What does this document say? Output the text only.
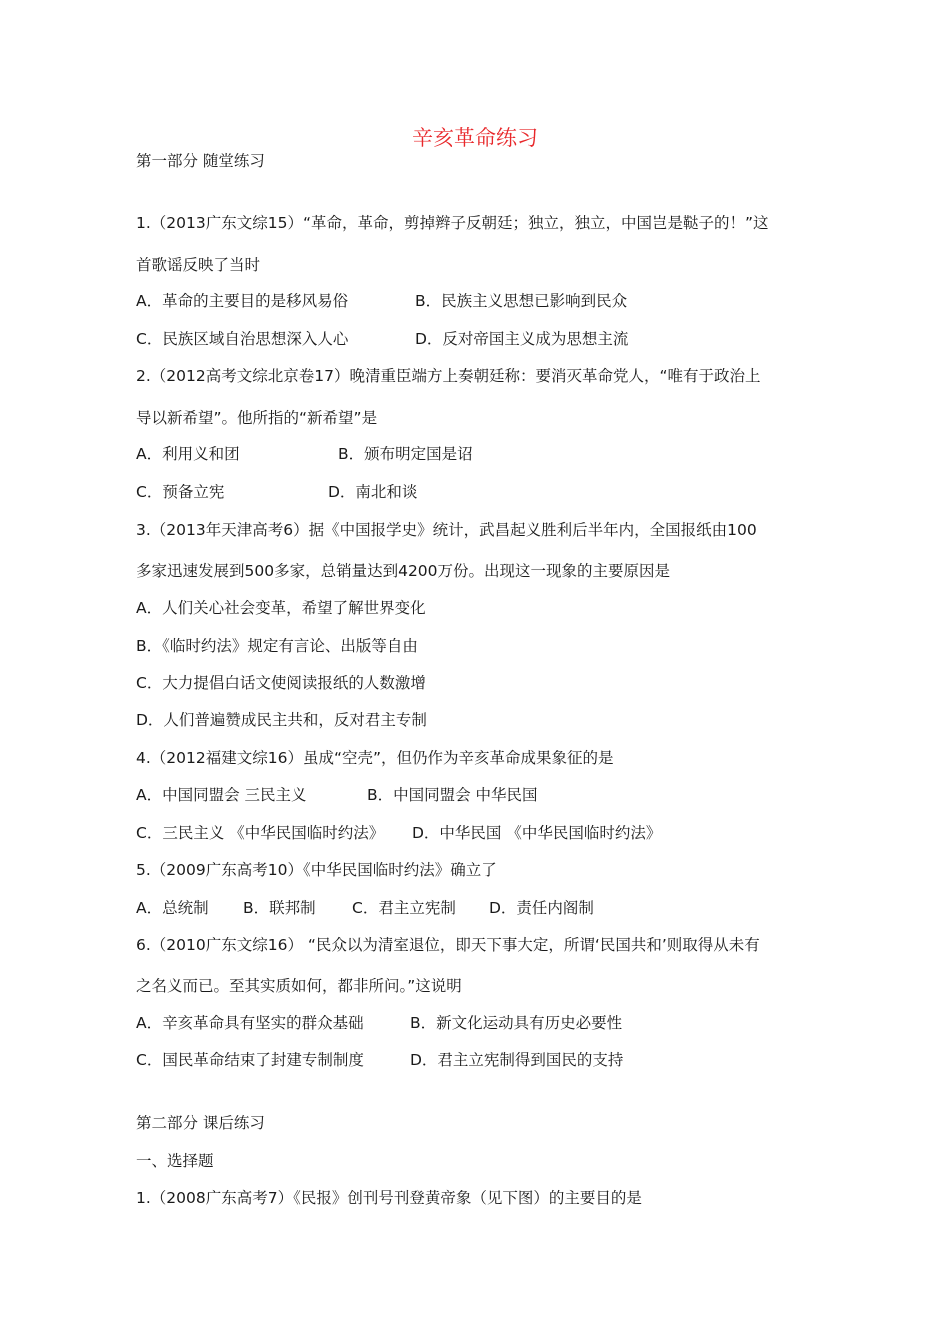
辛亥革命练习
第一部分 随堂练习
1.（2013广东文综15）“革命，革命，剪掉辫子反朝廷；独立，独立，中国岂是鞑子的！”这
首歌谣反映了当时
A．革命的主要目的是移风易俗	B．民族主义思想已影响到民众
C．民族区域自治思想深入人心	D．反对帝国主义成为思想主流
2.（2012高考文综北京卷17）晚清重臣端方上奏朝廷称：要消灭革命党人，“唯有于政治上
导以新希望”。他所指的“新希望”是
A．利用义和团	B．颁布明定国是诏
C．预备立宪	D．南北和谈
3.（2013年天津高考6）据《中国报学史》统计，武昌起义胜利后半年内，全国报纸由100
多家迅速发展到500多家，总销量达到4200万份。出现这一现象的主要原因是
A．人们关心社会变革，希望了解世界变化
B．《临时约法》规定有言论、出版等自由
C．大力提倡白话文使阅读报纸的人数激增
D．人们普遍赞成民主共和，反对君主专制
4.（2012福建文综16）虽成“空壳”，但仍作为辛亥革命成果象征的是
A．中国同盟会 三民主义	B．中国同盟会 中华民国
C．三民主义 《中华民国临时约法》 D．中华民国 《中华民国临时约法》
5.（2009广东高考10）《中华民国临时约法》确立了
A．总统制 B．联邦制 C．君主立宪制 D．责任内阁制
6.（2010广东文综16） “民众以为清室退位，即天下事大定，所谓‘民国共和’则取得从未有
之名义而已。至其实质如何，都非所问。”这说明
A．辛亥革命具有坚实的群众基础	B．新文化运动具有历史必要性
C．国民革命结束了封建专制制度	D．君主立宪制得到国民的支持
第二部分 课后练习
一、选择题
1.（2008广东高考7）《民报》创刊号刊登黄帝象（见下图）的主要目的是
